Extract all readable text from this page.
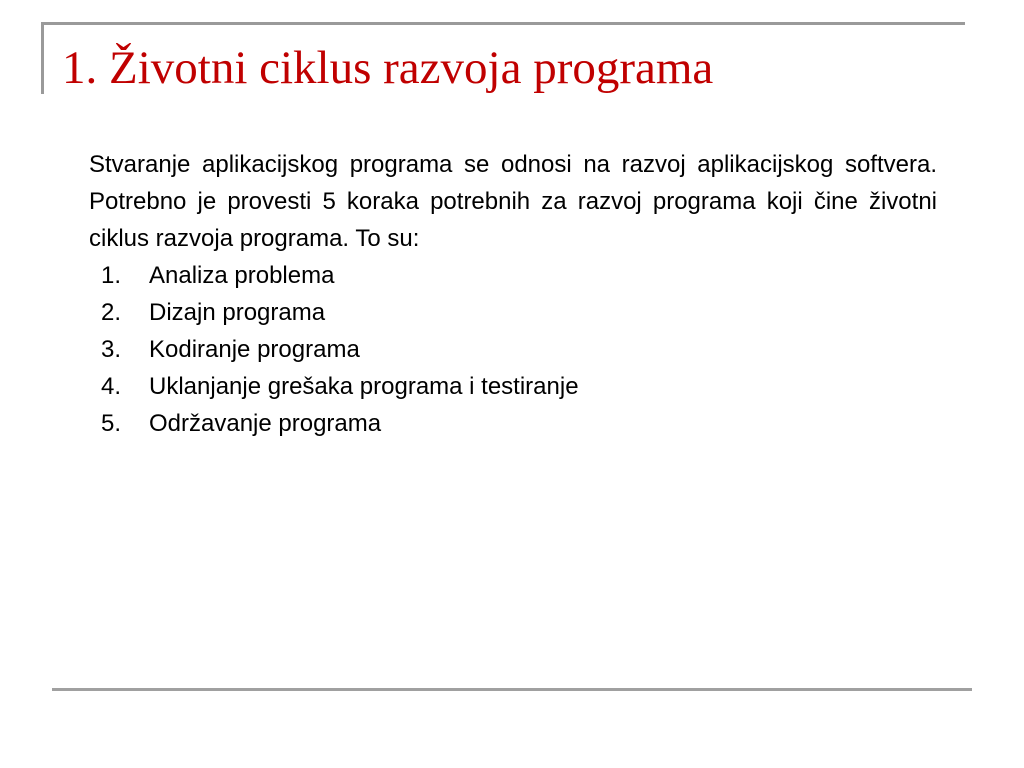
1. Životni ciklus razvoja programa

Stvaranje aplikacijskog programa se odnosi na razvoj aplikacijskog softvera. Potrebno je provesti 5 koraka potrebnih za razvoj programa koji čine životni ciklus razvoja programa. To su:

1.	Analiza problema
2.	Dizajn programa
3.	Kodiranje programa
4.	Uklanjanje grešaka programa i testiranje
5.	Održavanje programa
